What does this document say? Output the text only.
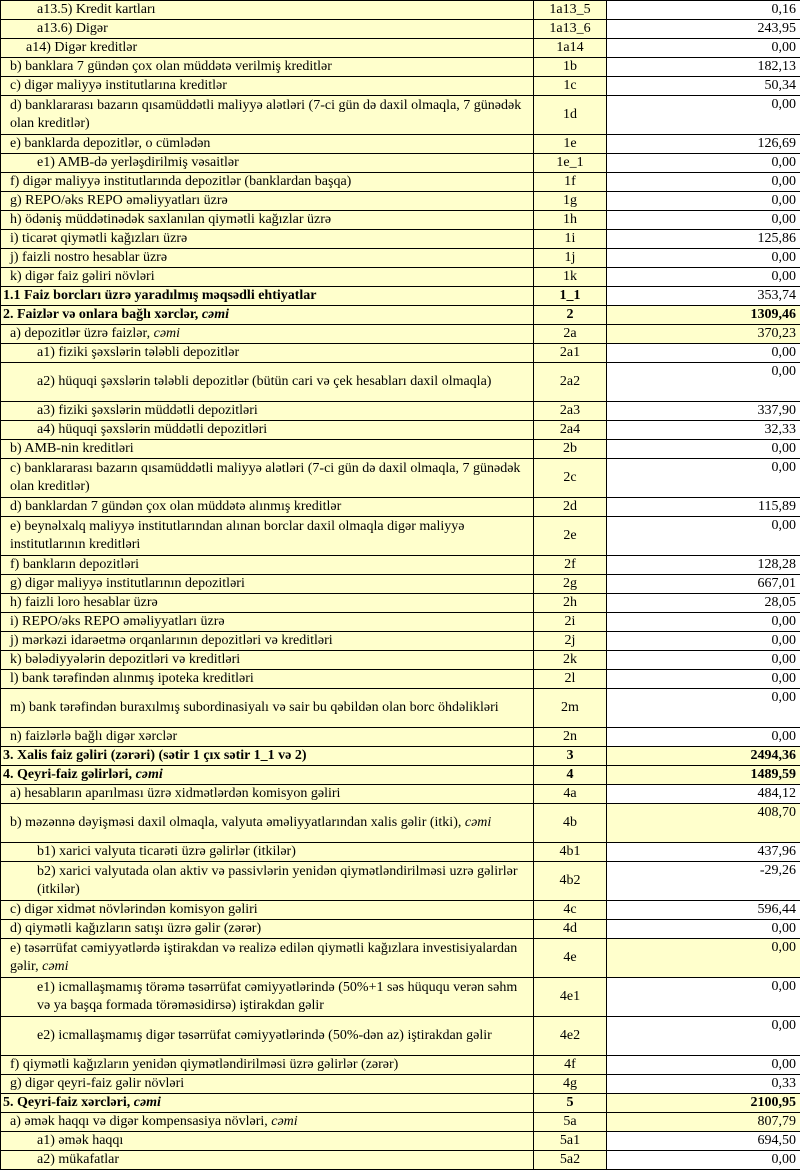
a13.5) Kredit kartları	1a13_5	0,16
a13.6) Digər	1a13_6	243,95
a14) Digər kreditlər	1a14	0,00
b) banklara 7 gündən çox olan müddətə verilmiş kreditlər	1b	182,13
c) digər maliyyə institutlarına kreditlər	1c	50,34
d) banklararası bazarın qısamüddətli maliyyə alətləri (7-ci gün də daxil olmaqla, 7 günədək olan kreditlər)	1d	0,00
e) banklarda depozitlər, o cümlədən	1e	126,69
e1) AMB-də yerləşdirilmiş vəsaitlər	1e_1	0,00
f) digər maliyyə institutlarında depozitlər (banklardan başqa)	1f	0,00
g) REPO/əks REPO əməliyyatları üzrə	1g	0,00
h) ödəniş müddətinədək saxlanılan qiymətli kağızlar üzrə	1h	0,00
i) ticarət qiymətli kağızları üzrə	1i	125,86
j) faizli nostro hesablar üzrə	1j	0,00
k) digər faiz gəliri növləri	1k	0,00
1.1 Faiz borcları üzrə yaradılmış məqsədli ehtiyatlar	1_1	353,74
2. Faizlər və onlara bağlı xərclər, cəmi	2	1309,46
a) depozitlər üzrə faizlər, cəmi	2a	370,23
a1) fiziki şəxslərin tələbli depozitlər	2a1	0,00
a2) hüquqi şəxslərin tələbli depozitlər (bütün cari və çek hesabları daxil olmaqla)	2a2	0,00
a3) fiziki şəxslərin müddətli depozitləri	2a3	337,90
a4) hüquqi şəxslərin müddətli depozitləri	2a4	32,33
b) AMB-nin kreditləri	2b	0,00
c) banklararası bazarın qısamüddətli maliyyə alətləri (7-ci gün də daxil olmaqla, 7 günədək olan kreditlər)	2c	0,00
d) banklardan 7 gündən çox olan müddətə alınmış kreditlər	2d	115,89
e) beynəlxalq maliyyə institutlarından alınan borclar daxil olmaqla digər maliyyə institutlarının kreditləri	2e	0,00
f) bankların depozitləri	2f	128,28
g) digər maliyyə institutlarının depozitləri	2g	667,01
h) faizli loro hesablar üzrə	2h	28,05
i) REPO/əks REPO əməliyyatları üzrə	2i	0,00
j) mərkəzi idarəetmə orqanlarının depozitləri və kreditləri	2j	0,00
k) bələdiyyələrin depozitləri və kreditləri	2k	0,00
l) bank tərəfindən alınmış ipoteka kreditləri	2l	0,00
m) bank tərəfindən buraxılmış subordinasiyalı və sair bu qəbildən olan borc öhdəlikləri	2m	0,00
n) faizlərlə bağlı digər xərclər	2n	0,00
3. Xalis faiz gəliri (zərəri) (sətir 1 çıx sətir 1_1 və 2)	3	2494,36
4. Qeyri-faiz gəlirləri, cəmi	4	1489,59
a) hesabların aparılması üzrə xidmətlərdən komisyon gəliri	4a	484,12
b) məzənnə dəyişməsi daxil olmaqla, valyuta əməliyyatlarından xalis gəlir (itki), cəmi	4b	408,70
b1) xarici valyuta ticarəti üzrə gəlirlər (itkilər)	4b1	437,96
b2) xarici valyutada olan aktiv və passivlərin yenidən qiymətləndirilməsi uzrə gəlirlər (itkilər)	4b2	-29,26
c) digər xidmət növlərindən komisyon gəliri	4c	596,44
d) qiymətli kağızların satışı üzrə gəlir (zərər)	4d	0,00
e) təsərrüfat cəmiyyətlərdə iştirakdan və realizə edilən qiymətli kağızlara investisiyalardan gəlir, cəmi	4e	0,00
e1) icmallaşmamış törəmə təsərrüfat cəmiyyətlərində (50%+1 səs hüququ verən səhm və ya başqa formada törəməsidirsə) iştirakdan gəlir	4e1	0,00
e2) icmallaşmamış digər təsərrüfat cəmiyyətlərində (50%-dən az) iştirakdan gəlir	4e2	0,00
f) qiymətli kağızların yenidən qiymətləndirilməsi üzrə gəlirlər (zərər)	4f	0,00
g) digər qeyri-faiz gəlir növləri	4g	0,33
5. Qeyri-faiz xərcləri, cəmi	5	2100,95
a) əmək haqqı və digər kompensasiya növləri, cəmi	5a	807,79
a1) əmək haqqı	5a1	694,50
a2) mükafatlar	5a2	0,00
